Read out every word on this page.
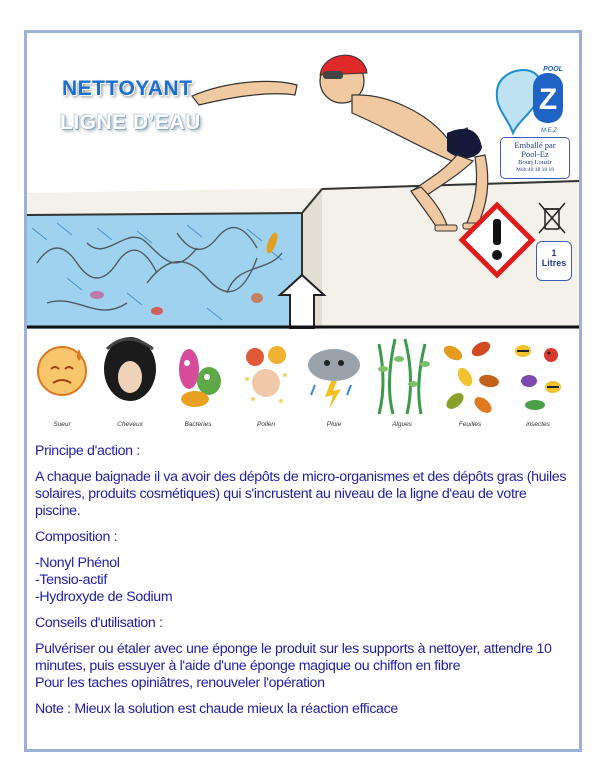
NETTOYANT
LIGNE D’EAU
Z
POOL
M.E.Z
Emballé par
Pool-Ez
Bourj Louzir
Mob:40 18 18 18
1
Litres
Sueur	Cheveux	Bacteries	Pollen	Pluie	Algues	Feuilles	insectes

Principe d'action :

A chaque baignade il va avoir des dépôts de micro-organismes et des dépôts gras (huiles solaires, produits cosmétiques) qui s'incrustent au niveau de la ligne d'eau de votre piscine.

Composition :

-Nonyl Phénol

-Tensio-actif

-Hydroxyde de Sodium

Conseils d'utilisation :

Pulvériser ou étaler avec une éponge le produit sur les supports à nettoyer, attendre 10 minutes, puis essuyer à l'aide d'une éponge magique ou chiffon en fibre

Pour les taches opiniâtres, renouveler l'opération

Note : Mieux la solution est chaude mieux la réaction efficace
